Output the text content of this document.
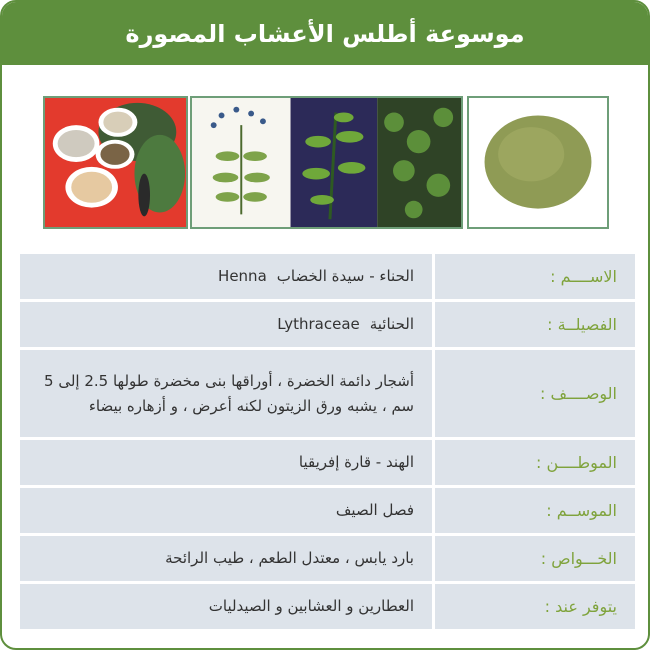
موسوعة أطلس الأعشاب المصورة
الاســــم :	الحناء - سيدة الخضابHenna
الفصيلــة :	الحنائيةLythraceae
الوصــــف :	أشجار دائمة الخضرة ، أوراقها بنى مخضرة طولها 2.5 إلى 5 سم ، يشبه ورق الزيتون لكنه أعرض ، و أزهاره بيضاء
الموطــــن :	الهند - قارة إفريقيا
الموســم :	فصل الصيف
الخـــواص :	بارد يابس ، معتدل الطعم ، طيب الرائحة
يتوفر عند :	العطارين و العشابين و الصيدليات
